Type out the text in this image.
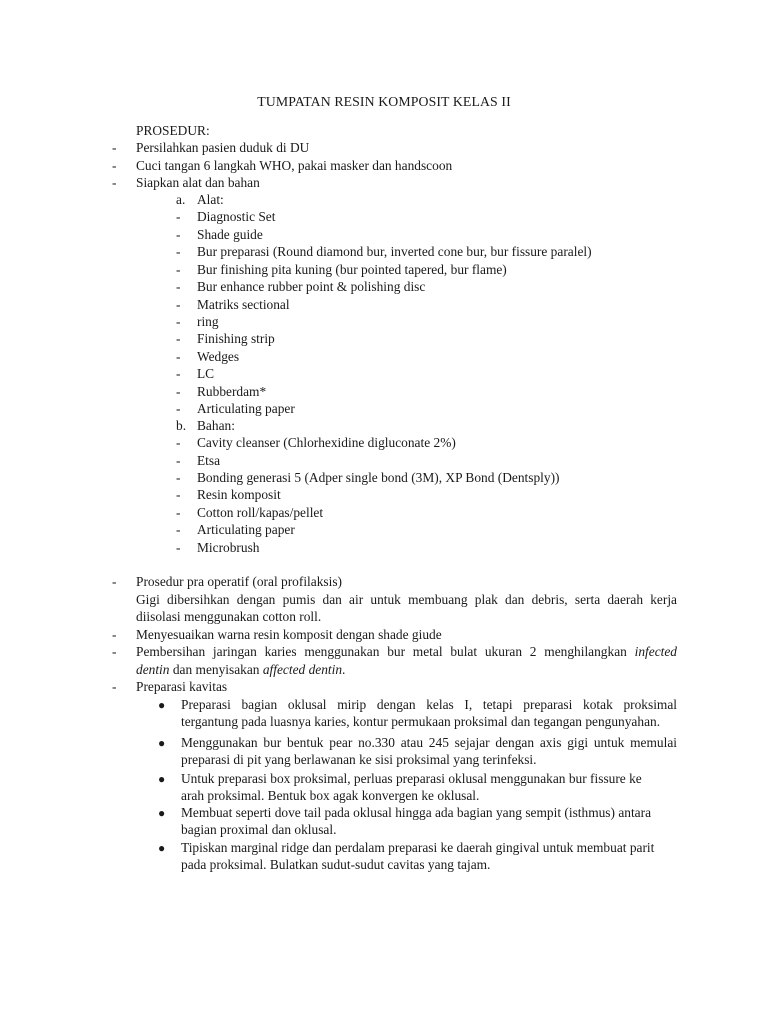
TUMPATAN RESIN KOMPOSIT KELAS II
PROSEDUR:
- Persilahkan pasien duduk di DU
- Cuci tangan 6 langkah WHO, pakai masker dan handscoon
- Siapkan alat dan bahan
a. Alat:
- Diagnostic Set
- Shade guide
- Bur preparasi (Round diamond bur, inverted cone bur, bur fissure paralel)
- Bur finishing pita kuning (bur pointed tapered, bur flame)
- Bur enhance rubber point & polishing disc
- Matriks sectional
- ring
- Finishing strip
- Wedges
- LC
- Rubberdam*
- Articulating paper
b. Bahan:
- Cavity cleanser (Chlorhexidine digluconate 2%)
- Etsa
- Bonding generasi 5 (Adper single bond (3M), XP Bond (Dentsply))
- Resin komposit
- Cotton roll/kapas/pellet
- Articulating paper
- Microbrush
- Prosedur pra operatif (oral profilaksis)
Gigi dibersihkan dengan pumis dan air untuk membuang plak dan debris, serta daerah kerja
diisolasi menggunakan cotton roll.
- Menyesuaikan warna resin komposit dengan shade giude
- Pembersihan jaringan karies menggunakan bur metal bulat ukuran 2 menghilangkan infected
dentin dan menyisakan affected dentin.
- Preparasi kavitas
● Preparasi bagian oklusal mirip dengan kelas I, tetapi preparasi kotak proksimal
tergantung pada luasnya karies, kontur permukaan proksimal dan tegangan pengunyahan.
● Menggunakan bur bentuk pear no.330 atau 245 sejajar dengan axis gigi untuk memulai
preparasi di pit yang berlawanan ke sisi proksimal yang terinfeksi.
● Untuk preparasi box proksimal, perluas preparasi oklusal menggunakan bur fissure ke
arah proksimal. Bentuk box agak konvergen ke oklusal.
● Membuat seperti dove tail pada oklusal hingga ada bagian yang sempit (isthmus) antara
bagian proximal dan oklusal.
● Tipiskan marginal ridge dan perdalam preparasi ke daerah gingival untuk membuat parit
pada proksimal. Bulatkan sudut-sudut cavitas yang tajam.
